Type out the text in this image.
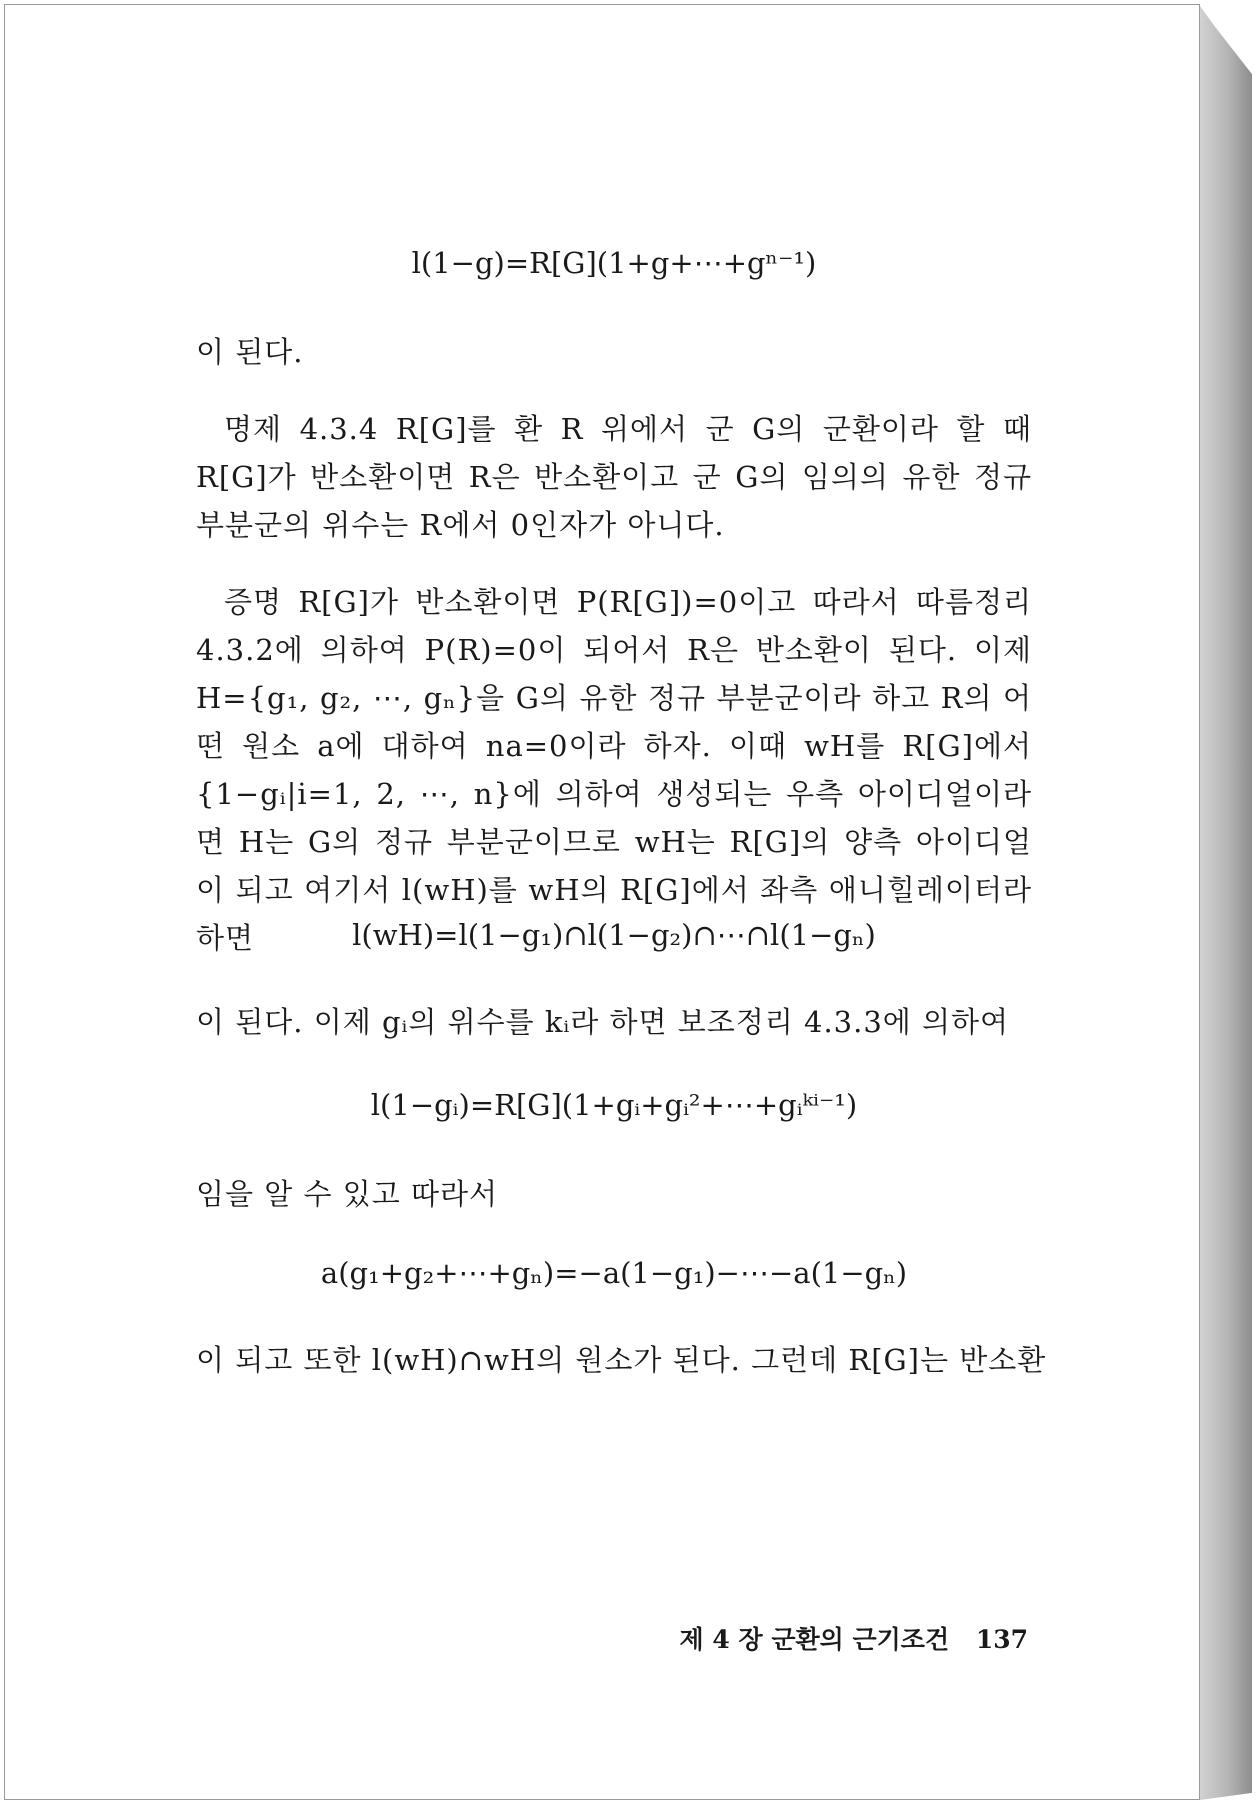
l(1−g)=R[G](1+g+⋯+gⁿ⁻¹)
이 된다.
명제 4.3.4 R[G]를 환 R 위에서 군 G의 군환이라 할 때 R[G]가 반소환이면 R은 반소환이고 군 G의 임의의 유한 정규 부분군의 위수는 R에서 0인자가 아니다.
증명 R[G]가 반소환이면 P(R[G])=0이고 따라서 따름정리 4.3.2에 의하여 P(R)=0이 되어서 R은 반소환이 된다. 이제 H={g₁, g₂, ⋯, gₙ}을 G의 유한 정규 부분군이라 하고 R의 어떤 원소 a에 대하여 na=0이라 하자. 이때 wH를 R[G]에서 {1−gᵢ|i=1, 2, ⋯, n}에 의하여 생성되는 우측 아이디얼이라면 H는 G의 정규 부분군이므로 wH는 R[G]의 양측 아이디얼이 되고 여기서 l(wH)를 wH의 R[G]에서 좌측 애니힐레이터라 하면	l(wH)=l(1−g₁)∩l(1−g₂)∩⋯∩l(1−gₙ)
이 된다. 이제 gᵢ의 위수를 kᵢ라 하면 보조정리 4.3.3에 의하여
l(1−gᵢ)=R[G](1+gᵢ+gᵢ²+⋯+gᵢᵏⁱ⁻¹)
임을 알 수 있고 따라서
a(g₁+g₂+⋯+gₙ)=−a(1−g₁)−⋯−a(1−gₙ)
이 되고 또한 l(wH)∩wH의 원소가 된다. 그런데 R[G]는 반소환
제 4 장 군환의 근기조건 137
